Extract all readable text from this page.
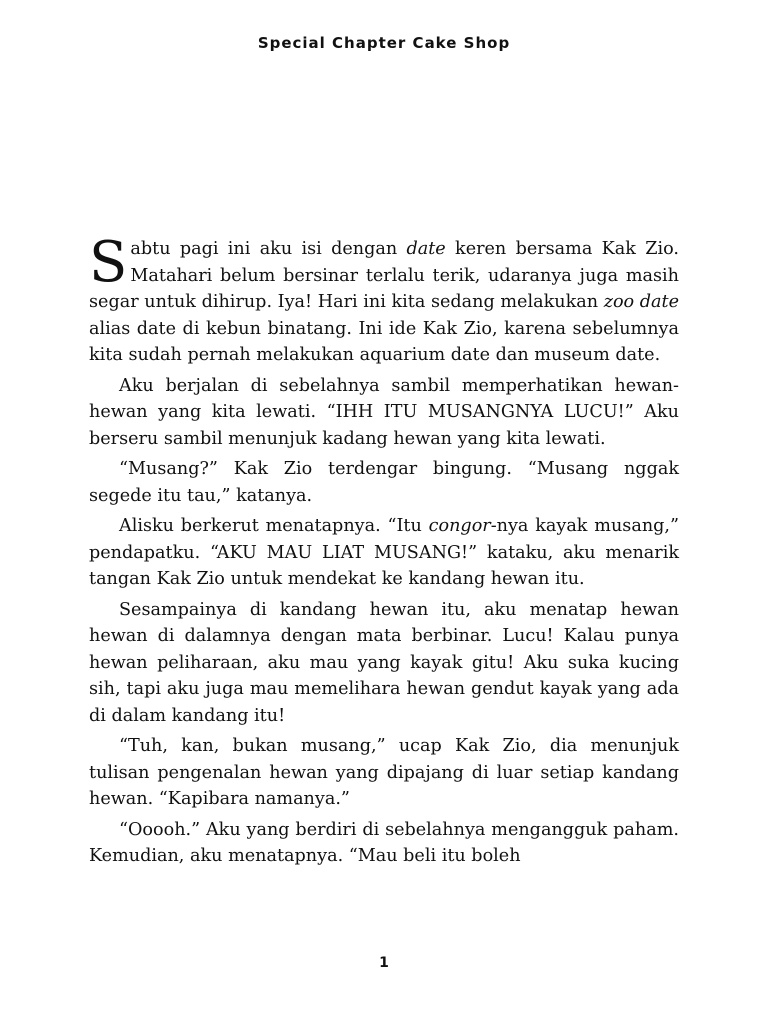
Special Chapter Cake Shop

Sabtu pagi ini aku isi dengan date keren bersama Kak Zio. Matahari belum bersinar terlalu terik, udaranya juga masih segar untuk dihirup. Iya! Hari ini kita sedang melakukan zoo date alias date di kebun binatang. Ini ide Kak Zio, karena sebelumnya kita sudah pernah melakukan aquarium date dan museum date.

Aku berjalan di sebelahnya sambil memperhatikan hewan-hewan yang kita lewati. “IHH ITU MUSANGNYA LUCU!” Aku berseru sambil menunjuk kadang hewan yang kita lewati.

“Musang?” Kak Zio terdengar bingung. “Musang nggak segede itu tau,” katanya.

Alisku berkerut menatapnya. “Itu congor-nya kayak musang,” pendapatku. “AKU MAU LIAT MUSANG!” kataku, aku menarik tangan Kak Zio untuk mendekat ke kandang hewan itu.

Sesampainya di kandang hewan itu, aku menatap hewan hewan di dalamnya dengan mata berbinar. Lucu! Kalau punya hewan peliharaan, aku mau yang kayak gitu! Aku suka kucing sih, tapi aku juga mau memelihara hewan gendut kayak yang ada di dalam kandang itu!

“Tuh, kan, bukan musang,” ucap Kak Zio, dia menunjuk tulisan pengenalan hewan yang dipajang di luar setiap kandang hewan. “Kapibara namanya.”

“Ooooh.” Aku yang berdiri di sebelahnya mengangguk paham. Kemudian, aku menatapnya. “Mau beli itu boleh

1
